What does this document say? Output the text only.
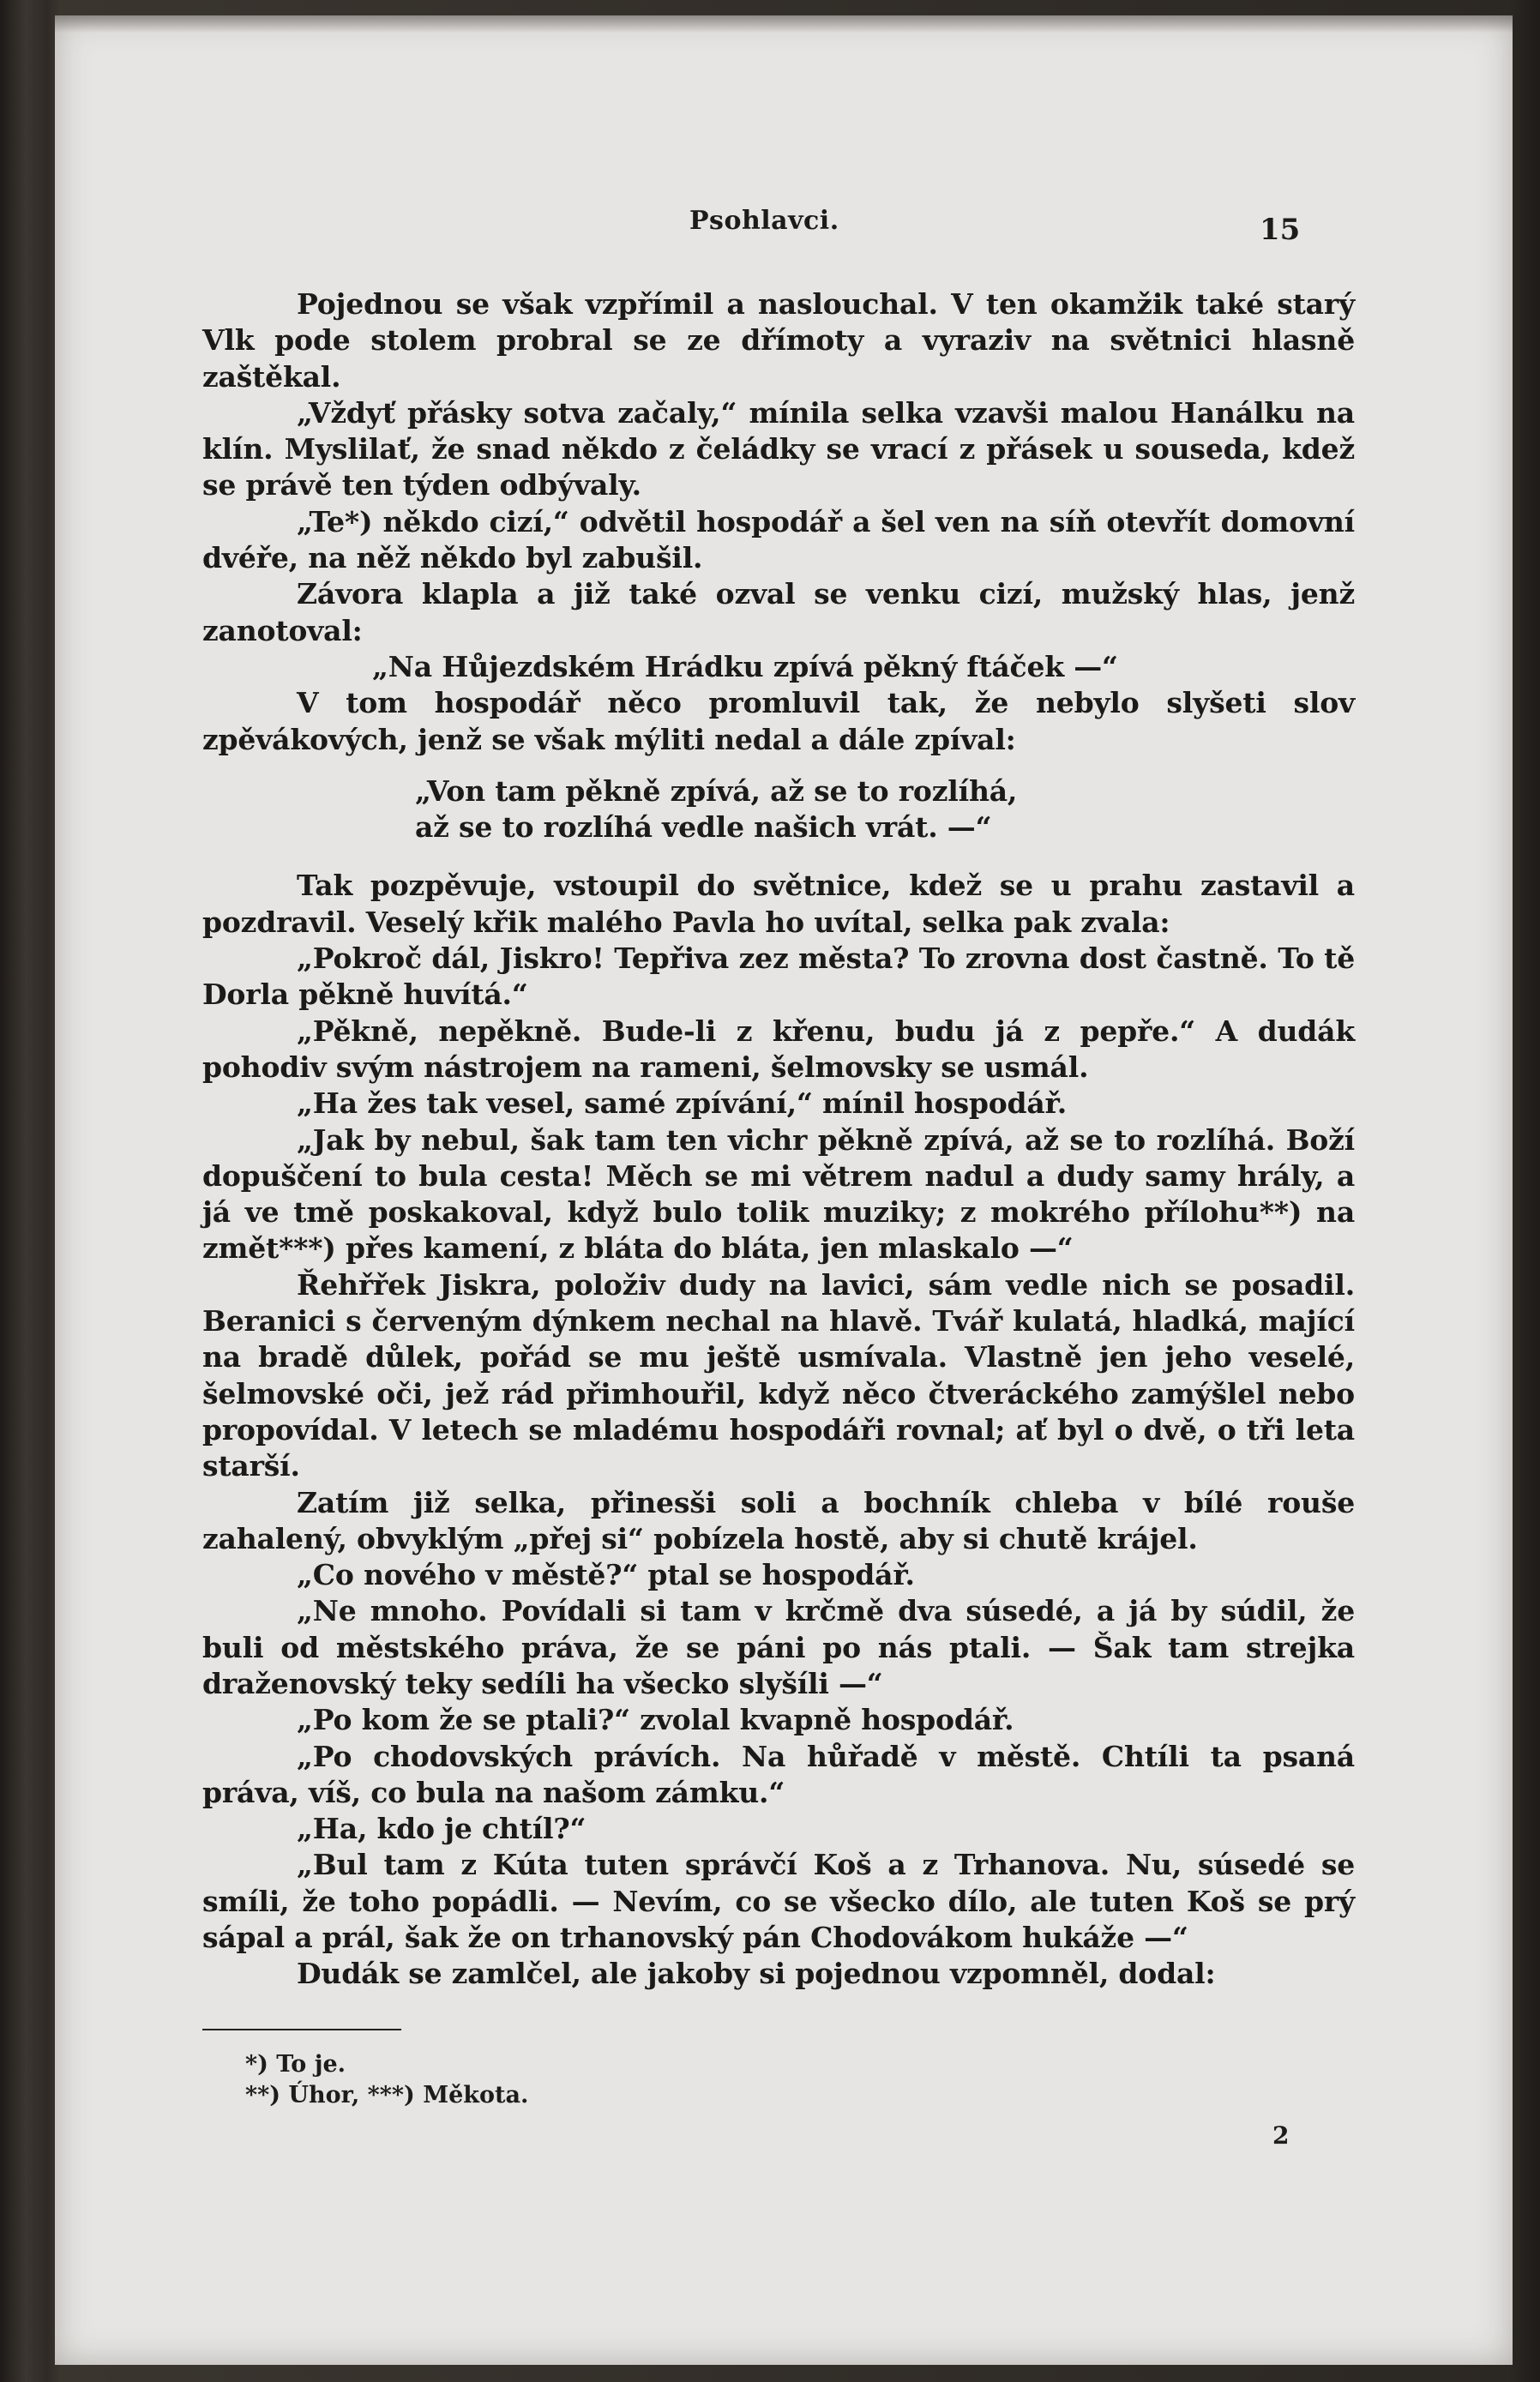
Psohlavci.	15

Pojednou se však vzpřímil a naslouchal. V ten okamžik také starý Vlk pode stolem probral se ze dřímoty a vyraziv na světnici hlasně zaštěkal.

„Vždyť přásky sotva začaly,“ mínila selka vzavši malou Hanálku na klín. Myslilať, že snad někdo z čeládky se vrací z přásek u souseda, kdež se právě ten týden odbývaly.

„Te*) někdo cizí,“ odvětil hospodář a šel ven na síň otevřít domovní dvéře, na něž někdo byl zabušil.

Závora klapla a již také ozval se venku cizí, mužský hlas, jenž zanotoval:

„Na Hůjezdském Hrádku zpívá pěkný ftáček —“

V tom hospodář něco promluvil tak, že nebylo slyšeti slov zpěvákových, jenž se však mýliti nedal a dále zpíval:

„Von tam pěkně zpívá, až se to rozlíhá,
až se to rozlíhá vedle našich vrát. —“

Tak pozpěvuje, vstoupil do světnice, kdež se u prahu zastavil a pozdravil. Veselý křik malého Pavla ho uvítal, selka pak zvala:

„Pokroč dál, Jiskro! Tepřiva zez města? To zrovna dost častně. To tě Dorla pěkně huvítá.“

„Pěkně, nepěkně. Bude-li z křenu, budu já z pepře.“ A dudák pohodiv svým nástrojem na rameni, šelmovsky se usmál.

„Ha žes tak vesel, samé zpívání,“ mínil hospodář.

„Jak by nebul, šak tam ten vichr pěkně zpívá, až se to rozlíhá. Boží dopuščení to bula cesta! Měch se mi větrem nadul a dudy samy hrály, a já ve tmě poskakoval, když bulo tolik muziky; z mokrého přílohu**) na změt***) přes kamení, z bláta do bláta, jen mlaskalo —“

Řehřřek Jiskra, položiv dudy na lavici, sám vedle nich se posadil. Beranici s červeným dýnkem nechal na hlavě. Tvář kulatá, hladká, mající na bradě důlek, pořád se mu ještě usmívala. Vlastně jen jeho veselé, šelmovské oči, jež rád přimhouřil, když něco čtveráckého zamýšlel nebo propovídal. V letech se mladému hospodáři rovnal; ať byl o dvě, o tři leta starší.

Zatím již selka, přinesši soli a bochník chleba v bílé rouše zahalený, obvyklým „přej si“ pobízela hostě, aby si chutě krájel.

„Co nového v městě?“ ptal se hospodář.

„Ne mnoho. Povídali si tam v krčmě dva súsedé, a já by súdil, že buli od městského práva, že se páni po nás ptali. — Šak tam strejka draženovský teky sedíli ha všecko slyšíli —“

„Po kom že se ptali?“ zvolal kvapně hospodář.

„Po chodovských právích. Na hůřadě v městě. Chtíli ta psaná práva, víš, co bula na našom zámku.“

„Ha, kdo je chtíl?“

„Bul tam z Kúta tuten správčí Koš a z Trhanova. Nu, súsedé se smíli, že toho popádli. — Nevím, co se všecko dílo, ale tuten Koš se prý sápal a prál, šak že on trhanovský pán Chodovákom hukáže —“

Dudák se zamlčel, ale jakoby si pojednou vzpomněl, dodal:

*) To je.
**) Úhor, ***) Měkota.
2
